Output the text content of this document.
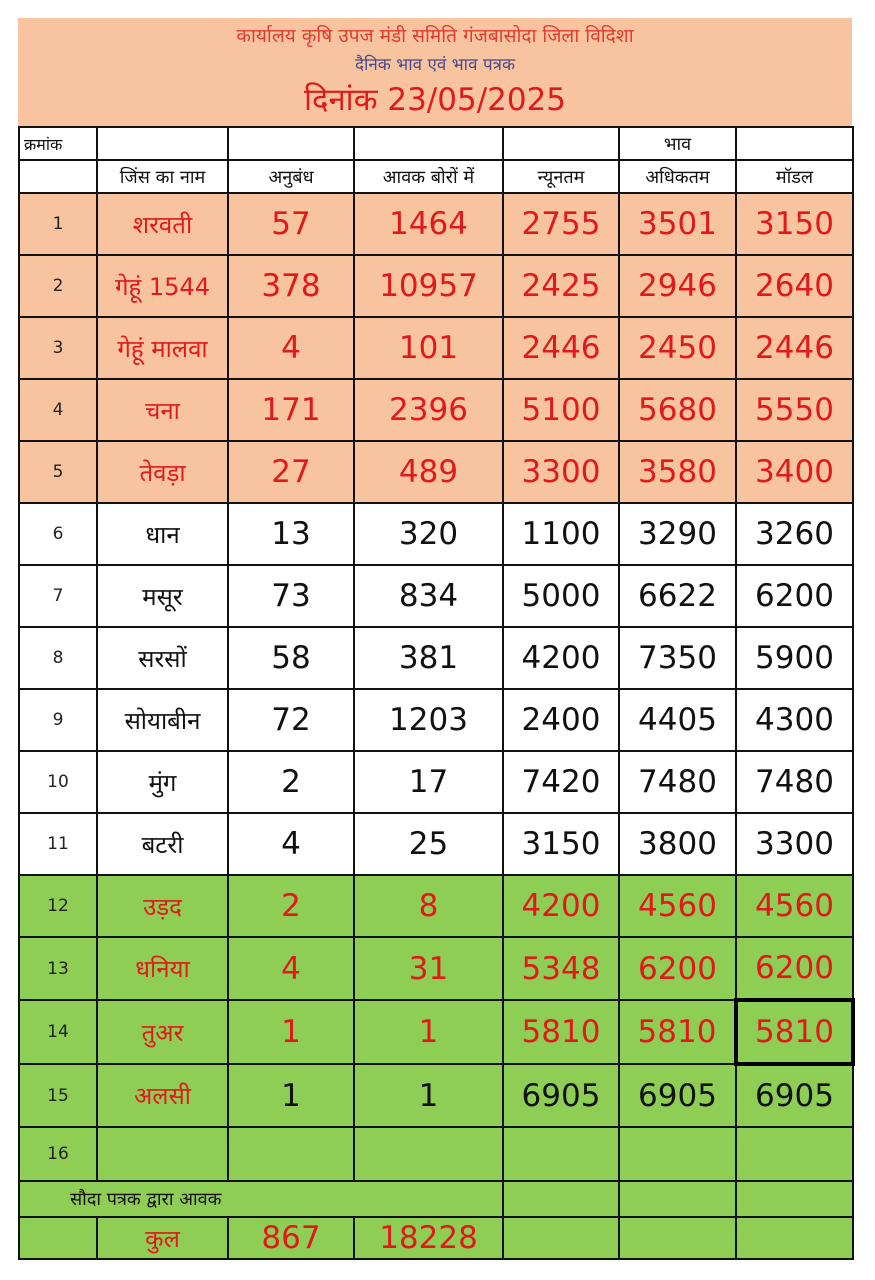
कार्यालय कृषि उपज मंडी समिति गंजबासोदा जिला विदिशा
दैनिक भाव एवं भाव पत्रक
दिनांक 23/05/2025
क्रमांक					भाव	
	जिंस का नाम	अनुबंध	आवक बोरों में	न्यूनतम	अधिकतम	मॉडल
1	शरवती	57	1464	2755	3501	3150
2	गेहूं 1544	378	10957	2425	2946	2640
3	गेहूं मालवा	4	101	2446	2450	2446
4	चना	171	2396	5100	5680	5550
5	तेवड़ा	27	489	3300	3580	3400
6	धान	13	320	1100	3290	3260
7	मसूर	73	834	5000	6622	6200
8	सरसों	58	381	4200	7350	5900
9	सोयाबीन	72	1203	2400	4405	4300
10	मुंग	2	17	7420	7480	7480
11	बटरी	4	25	3150	3800	3300
12	उड़द	2	8	4200	4560	4560
13	धनिया	4	31	5348	6200	6200
14	तुअर	1	1	5810	5810	5810
15	अलसी	1	1	6905	6905	6905
16						
सौदा पत्रक द्वारा आवक						
	कुल	867	18228			
